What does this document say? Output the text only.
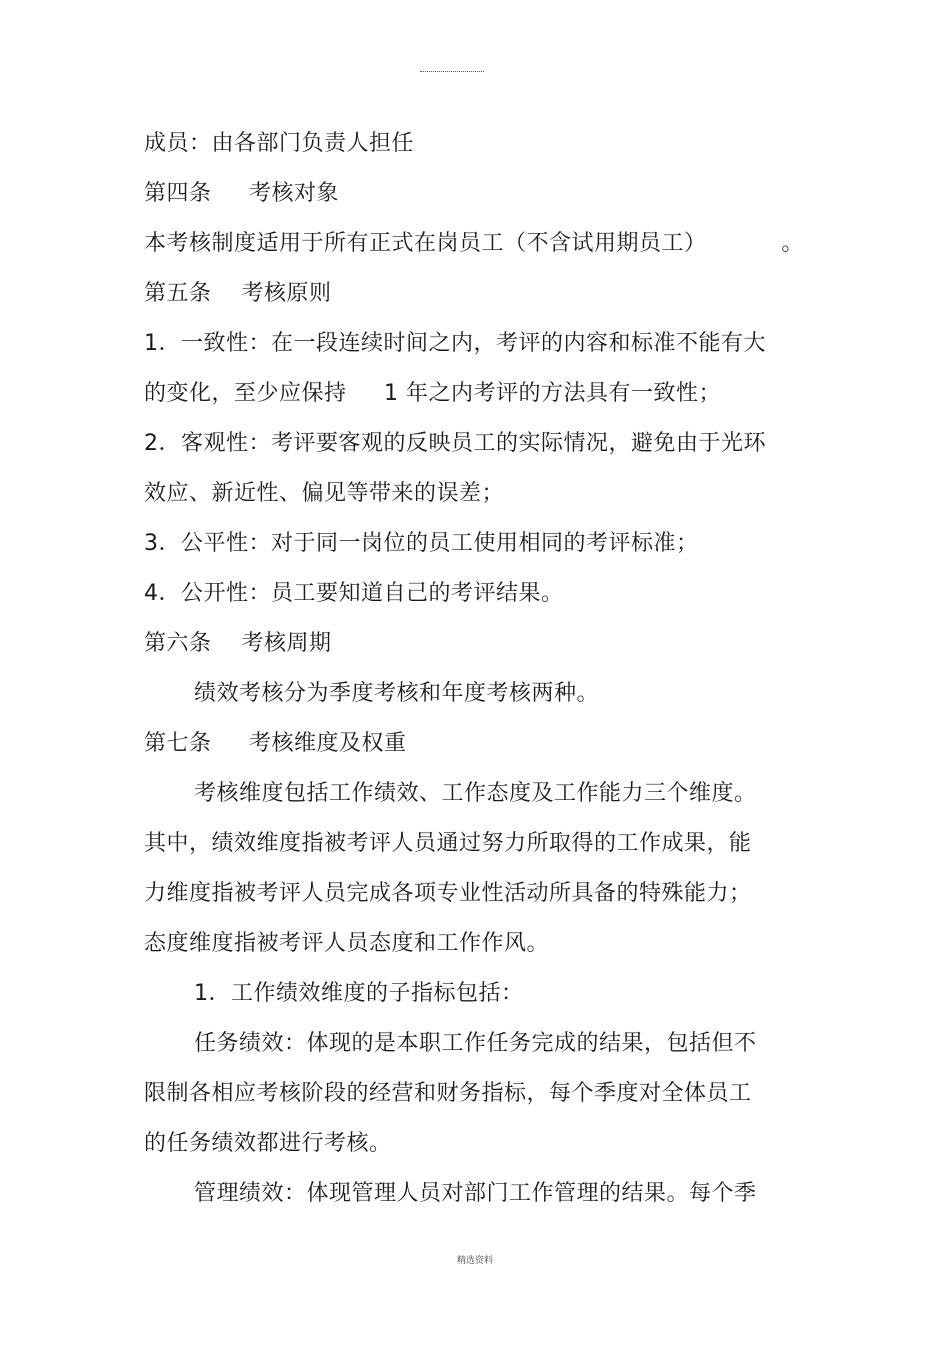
成员：由各部门负责人担任
第四条     考核对象
本考核制度适用于所有正式在岗员工（不含试用期员工）          。
第五条    考核原则
1．一致性：在一段连续时间之内，考评的内容和标准不能有大
的变化，至少应保持     1 年之内考评的方法具有一致性；
2．客观性：考评要客观的反映员工的实际情况，避免由于光环
效应、新近性、偏见等带来的误差；
3．公平性：对于同一岗位的员工使用相同的考评标准；
4．公开性：员工要知道自己的考评结果。
第六条    考核周期
绩效考核分为季度考核和年度考核两种。
第七条     考核维度及权重
考核维度包括工作绩效、工作态度及工作能力三个维度。
其中，绩效维度指被考评人员通过努力所取得的工作成果，能
力维度指被考评人员完成各项专业性活动所具备的特殊能力；
态度维度指被考评人员态度和工作作风。
1．工作绩效维度的子指标包括：
任务绩效：体现的是本职工作任务完成的结果，包括但不
限制各相应考核阶段的经营和财务指标，每个季度对全体员工
的任务绩效都进行考核。
管理绩效：体现管理人员对部门工作管理的结果。每个季
精选资料
